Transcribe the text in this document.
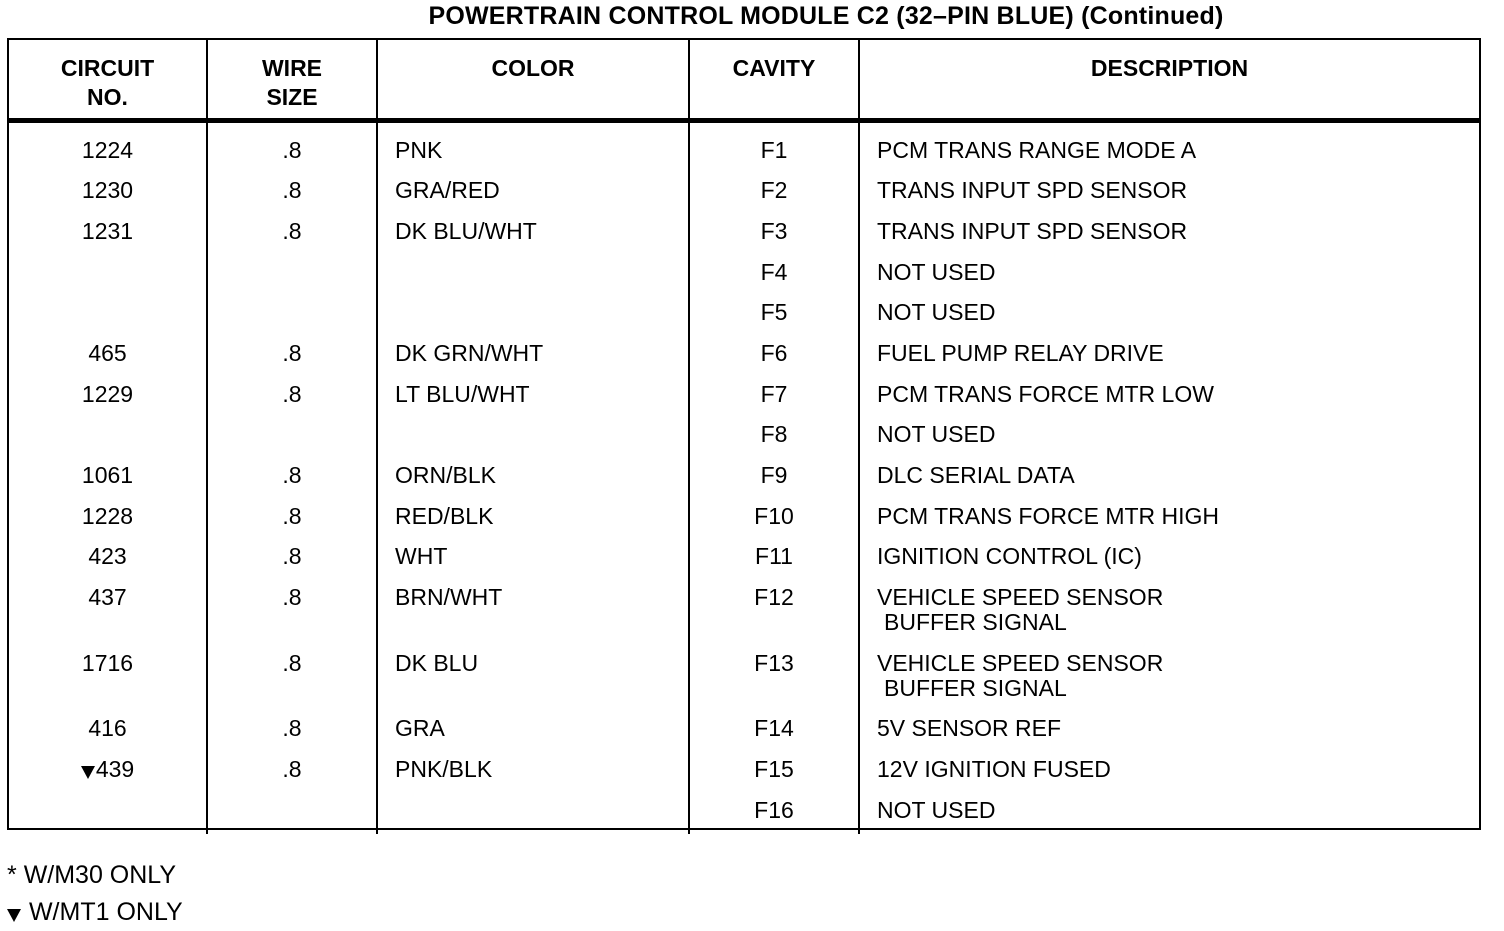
POWERTRAIN CONTROL MODULE C2 (32–PIN BLUE) (Continued)
CIRCUIT
NO.	WIRE
SIZE	COLOR	CAVITY	DESCRIPTION
1224	.8	PNK	F1	PCM TRANS RANGE MODE A
1230	.8	GRA/RED	F2	TRANS INPUT SPD SENSOR
1231	.8	DK BLU/WHT	F3	TRANS INPUT SPD SENSOR
			F4	NOT USED
			F5	NOT USED
465	.8	DK GRN/WHT	F6	FUEL PUMP RELAY DRIVE
1229	.8	LT BLU/WHT	F7	PCM TRANS FORCE MTR LOW
			F8	NOT USED
1061	.8	ORN/BLK	F9	DLC SERIAL DATA
1228	.8	RED/BLK	F10	PCM TRANS FORCE MTR HIGH
423	.8	WHT	F11	IGNITION CONTROL (IC)
437	.8	BRN/WHT	F12	VEHICLE SPEED SENSOR
BUFFER SIGNAL

1716	.8	DK BLU	F13	VEHICLE SPEED SENSOR
BUFFER SIGNAL

416	.8	GRA	F14	5V SENSOR REF
439	.8	PNK/BLK	F15	12V IGNITION FUSED
			F16	NOT USED
* W/M30 ONLY
W/MT1 ONLY
